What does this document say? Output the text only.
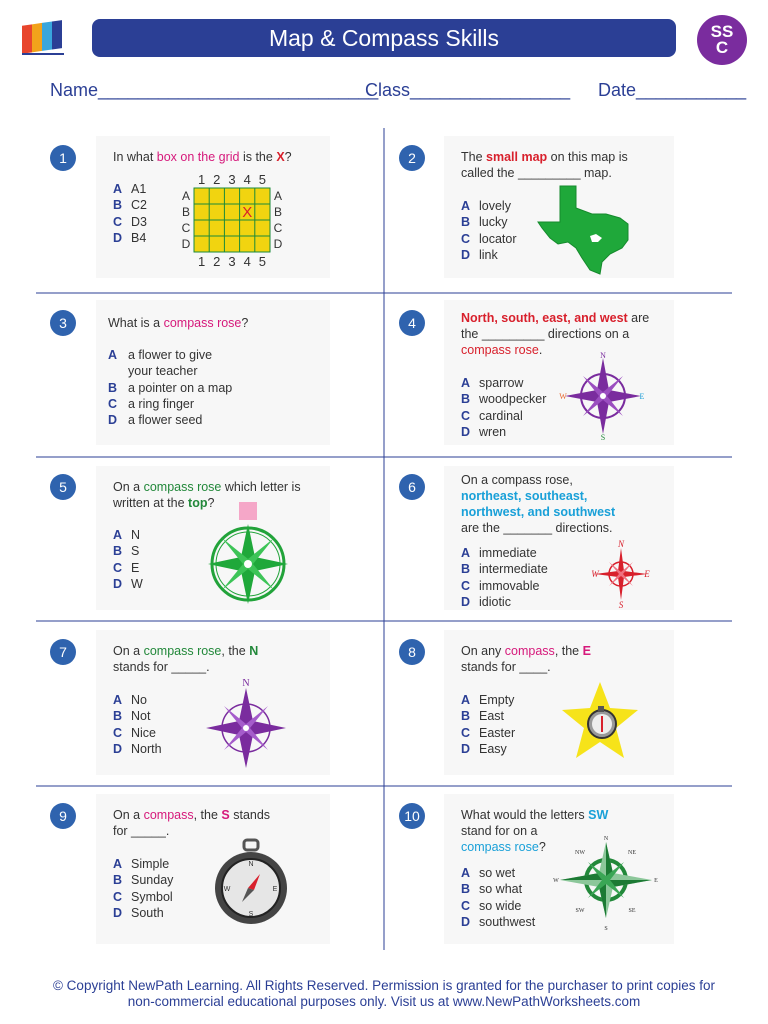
Map & Compass Skills	SS
C
Name____________________________
Class________________ Date___________
1	In what box on the grid is the X?
A A1
B C2
C D3
D B4
1 2 3 4 5
1 2 3 4 5
A
B
C
D
A
B
C
D
X
2	The small map on this map is
called the _________ map.
A lovely
B lucky
C locator
D link
3	What is a compass rose?
A a flower to give
your teacher
B a pointer on a map
C a ring finger
D a flower seed
4	North, south, east, and west are
the _________ directions on a
compass rose.
A sparrow
B woodpecker
C cardinal
D wren
N
S
E
W
5	On a compass rose which letter is
written at the top?
A N
B S
C E
D W
6	On a compass rose,
northeast, southeast,
northwest, and southwest
are the _______ directions.
A immediate
B intermediate
C immovable
D idiotic
N
S
E
W
7	On a compass rose, the N
stands for _____.
A No
B Not
C Nice
D North
N
8	On any compass, the E
stands for ____.
A Empty
B East
C Easter
D Easy
9	On a compass, the S stands
for _____.
A Simple
B Sunday
C Symbol
D South
N
S
E
W
10	What would the letters SW
stand for on a
compass rose?
A so wet
B so what
C so wide
D southwest
N
S
E
W
NE
NW
SE
SW
© Copyright NewPath Learning. All Rights Reserved. Permission is granted for the purchaser to print copies for
non-commercial educational purposes only. Visit us at www.NewPathWorksheets.com
